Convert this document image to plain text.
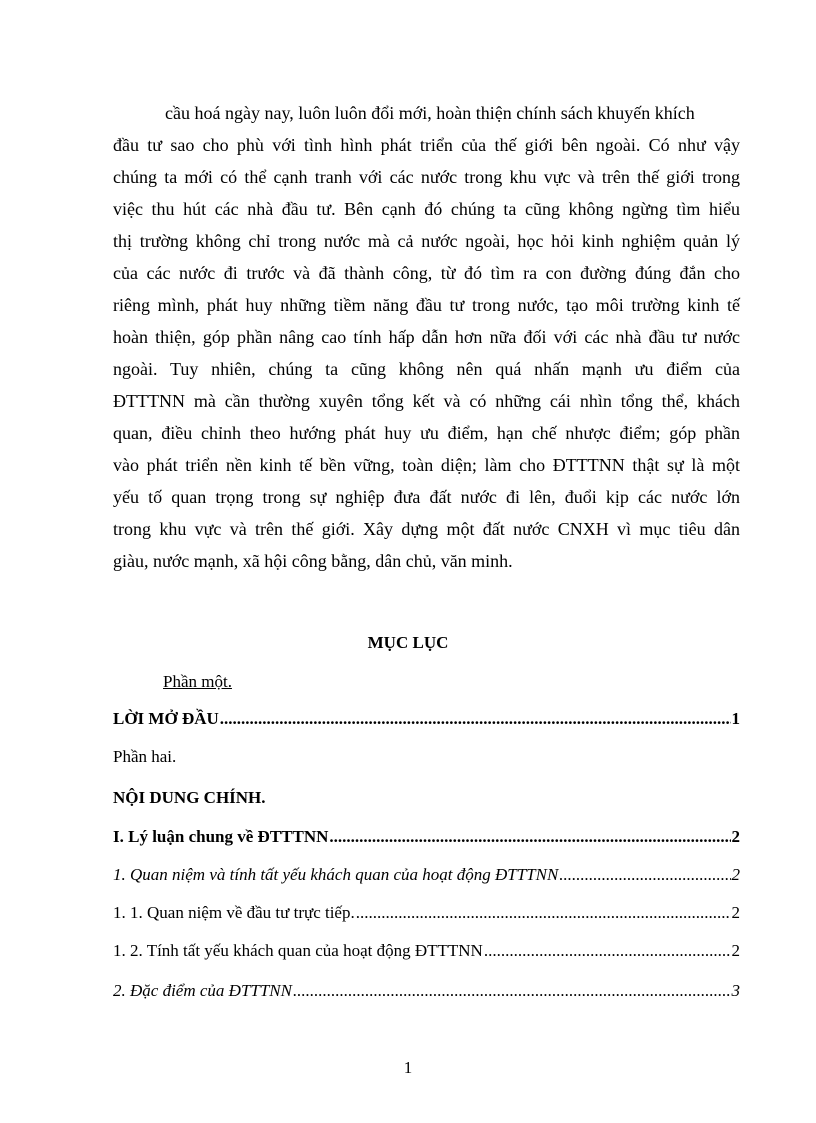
cầu hoá ngày nay, luôn luôn đổi mới, hoàn thiện chính sách khuyến khích
đầu tư sao cho phù với tình hình phát triển của thế giới bên ngoài. Có như vậy
chúng ta mới có thể cạnh tranh với các nước trong khu vực và trên thế giới trong
việc thu hút các nhà đầu tư. Bên cạnh đó chúng ta cũng không ngừng tìm hiểu
thị trường không chỉ trong nước mà cả nước ngoài, học hỏi kinh nghiệm quản lý
của các nước đi trước và đã thành công, từ đó tìm ra con đường đúng đắn cho
riêng mình, phát huy những tiềm năng đầu tư trong nước, tạo môi trường kinh tế
hoàn thiện, góp phần nâng cao tính hấp dẫn hơn nữa đối với các nhà đầu tư nước
ngoài. Tuy nhiên, chúng ta cũng không nên quá nhấn mạnh ưu điểm của
ĐTTTNN mà cần thường xuyên tổng kết và có những cái nhìn tổng thể, khách
quan, điều chỉnh theo hướng phát huy ưu điểm, hạn chế nhược điểm; góp phần
vào phát triển nền kinh tế bền vững, toàn diện; làm cho ĐTTTNN thật sự là một
yếu tố quan trọng trong sự nghiệp đưa đất nước đi lên, đuổi kịp các nước lớn
trong khu vực và trên thế giới. Xây dựng một đất nước CNXH vì mục tiêu dân
giàu, nước mạnh, xã hội công bằng, dân chủ, văn minh.
MỤC LỤC
Phần một.
LỜI MỞ ĐẦU .....	1
Phần hai.
NỘI DUNG CHÍNH.
I. Lý luận chung về ĐTTTNN .....	2
1. Quan niệm và tính tất yếu khách quan của hoạt động ĐTTTNN .....	2
1. 1. Quan niệm về đầu tư trực tiếp. .....	2
1. 2. Tính tất yếu khách quan của hoạt động ĐTTTNN .....	2
2. Đặc điểm của ĐTTTNN .....	3
1
